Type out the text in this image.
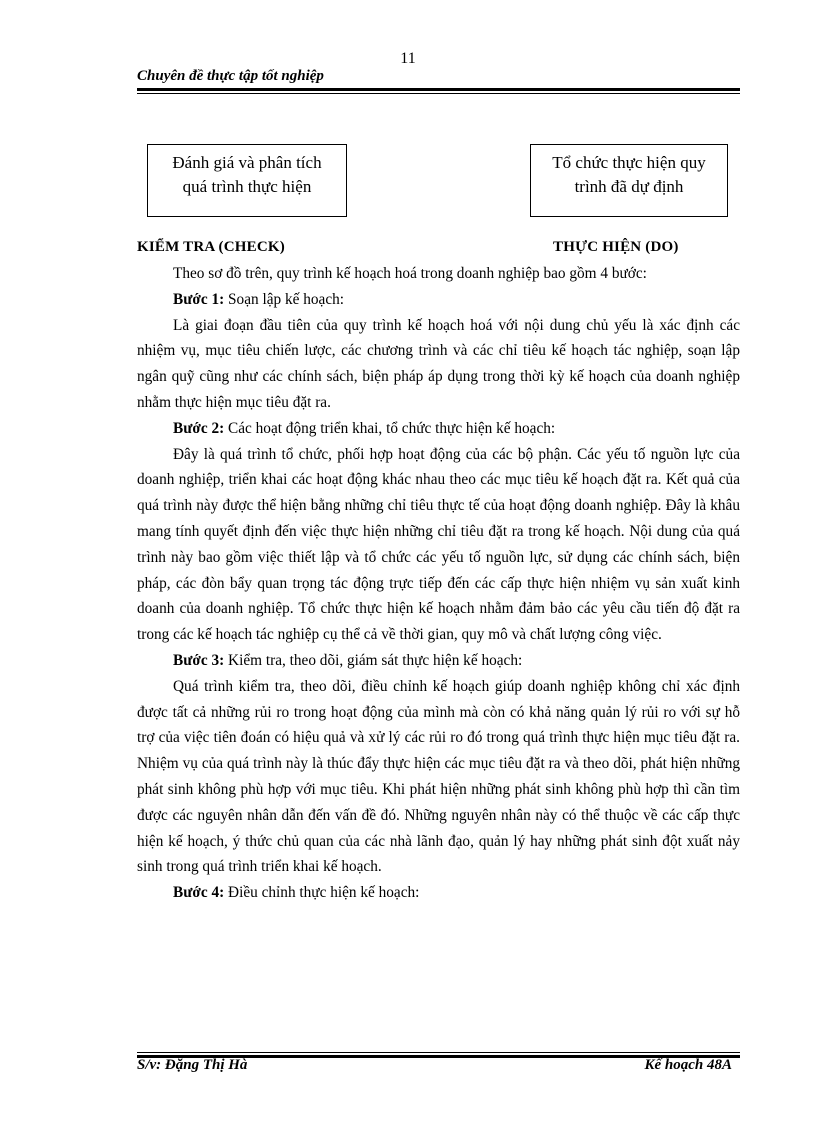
11
Chuyên đề thực tập tốt nghiệp
Đánh giá và phân tích
quá trình thực hiện
Tổ chức thực hiện quy
trình đã dự định
KIỂM TRA (CHECK)	THỰC HIỆN (DO)

Theo sơ đồ trên, quy trình kế hoạch hoá trong doanh nghiệp bao gồm 4 bước:

Bước 1: Soạn lập kế hoạch:

Là giai đoạn đầu tiên của quy trình kế hoạch hoá với nội dung chủ yếu là xác định các nhiệm vụ, mục tiêu chiến lược, các chương trình và các chỉ tiêu kế hoạch tác nghiệp, soạn lập ngân quỹ cũng như các chính sách, biện pháp áp dụng trong thời kỳ kế hoạch của doanh nghiệp nhằm thực hiện mục tiêu đặt ra.

Bước 2: Các hoạt động triển khai, tổ chức thực hiện kế hoạch:

Đây là quá trình tổ chức, phối hợp hoạt động của các bộ phận. Các yếu tố nguồn lực của doanh nghiệp, triển khai các hoạt động khác nhau theo các mục tiêu kế hoạch đặt ra. Kết quả của quá trình này được thể hiện bằng những chỉ tiêu thực tế của hoạt động doanh nghiệp. Đây là khâu mang tính quyết định đến việc thực hiện những chỉ tiêu đặt ra trong kế hoạch. Nội dung của quá trình này bao gồm việc thiết lập và tổ chức các yếu tố nguồn lực, sử dụng các chính sách, biện pháp, các đòn bẩy quan trọng tác động trực tiếp đến các cấp thực hiện nhiệm vụ sản xuất kinh doanh của doanh nghiệp. Tổ chức thực hiện kế hoạch nhằm đảm bảo các yêu cầu tiến độ đặt ra trong các kế hoạch tác nghiệp cụ thể cả về thời gian, quy mô và chất lượng công việc.

Bước 3: Kiểm tra, theo dõi, giám sát thực hiện kế hoạch:

Quá trình kiểm tra, theo dõi, điều chỉnh kế hoạch giúp doanh nghiệp không chỉ xác định được tất cả những rủi ro trong hoạt động của mình mà còn có khả năng quản lý rủi ro với sự hỗ trợ của việc tiên đoán có hiệu quả và xử lý các rủi ro đó trong quá trình thực hiện mục tiêu đặt ra. Nhiệm vụ của quá trình này là thúc đẩy thực hiện các mục tiêu đặt ra và theo dõi, phát hiện những phát sinh không phù hợp với mục tiêu. Khi phát hiện những phát sinh không phù hợp thì cần tìm được các nguyên nhân dẫn đến vấn đề đó. Những nguyên nhân này có thể thuộc về các cấp thực hiện kế hoạch, ý thức chủ quan của các nhà lãnh đạo, quản lý hay những phát sinh đột xuất nảy sinh trong quá trình triển khai kế hoạch.

Bước 4: Điều chỉnh thực hiện kế hoạch:

S/v: Đặng Thị Hà	Kế hoạch 48A
